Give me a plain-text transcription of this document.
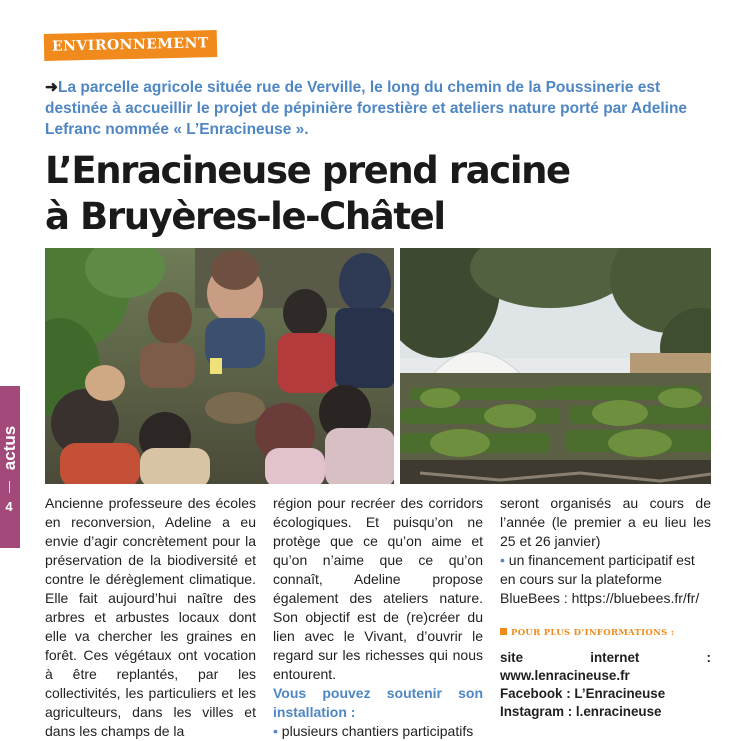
ENVIRONNEMENT
➜La parcelle agricole située rue de Verville, le long du chemin de la Poussinerie est destinée à accueillir le projet de pépinière forestière et ateliers nature porté par Adeline Lefranc nommée « L’Enracineuse ».
L’Enracineuse prend racine
à Bruyères-le-Châtel
actus
4 Ancienne professeure des écoles en reconversion, Adeline a eu envie d’agir concrètement pour la préservation de la biodiversité et contre le dérèglement climatique. Elle fait aujourd’hui naître des arbres et arbustes locaux dont elle va chercher les graines en forêt. Ces végétaux ont vocation à être replantés, par les collectivités, les particuliers et les agriculteurs, dans les villes et dans les champs de la

région pour recréer des corridors écologiques. Et puisqu’on ne protège que ce qu’on aime et qu’on n’aime que ce qu’on connaît, Adeline propose également des ateliers nature. Son objectif est de (re)créer du lien avec le Vivant, d’ouvrir le regard sur les richesses qui nous entourent.

Vous pouvez soutenir son installation :

• plusieurs chantiers participatifs

seront organisés au cours de l’année (le premier a eu lieu les 25 et 26 janvier)

• un financement participatif est en cours sur la plateforme BlueBees : https://bluebees.fr/fr/

POUR PLUS D’INFORMATIONS :

site internet : www.lenracineuse.fr

Facebook : L’Enracineuse

Instagram : l.enracineuse
